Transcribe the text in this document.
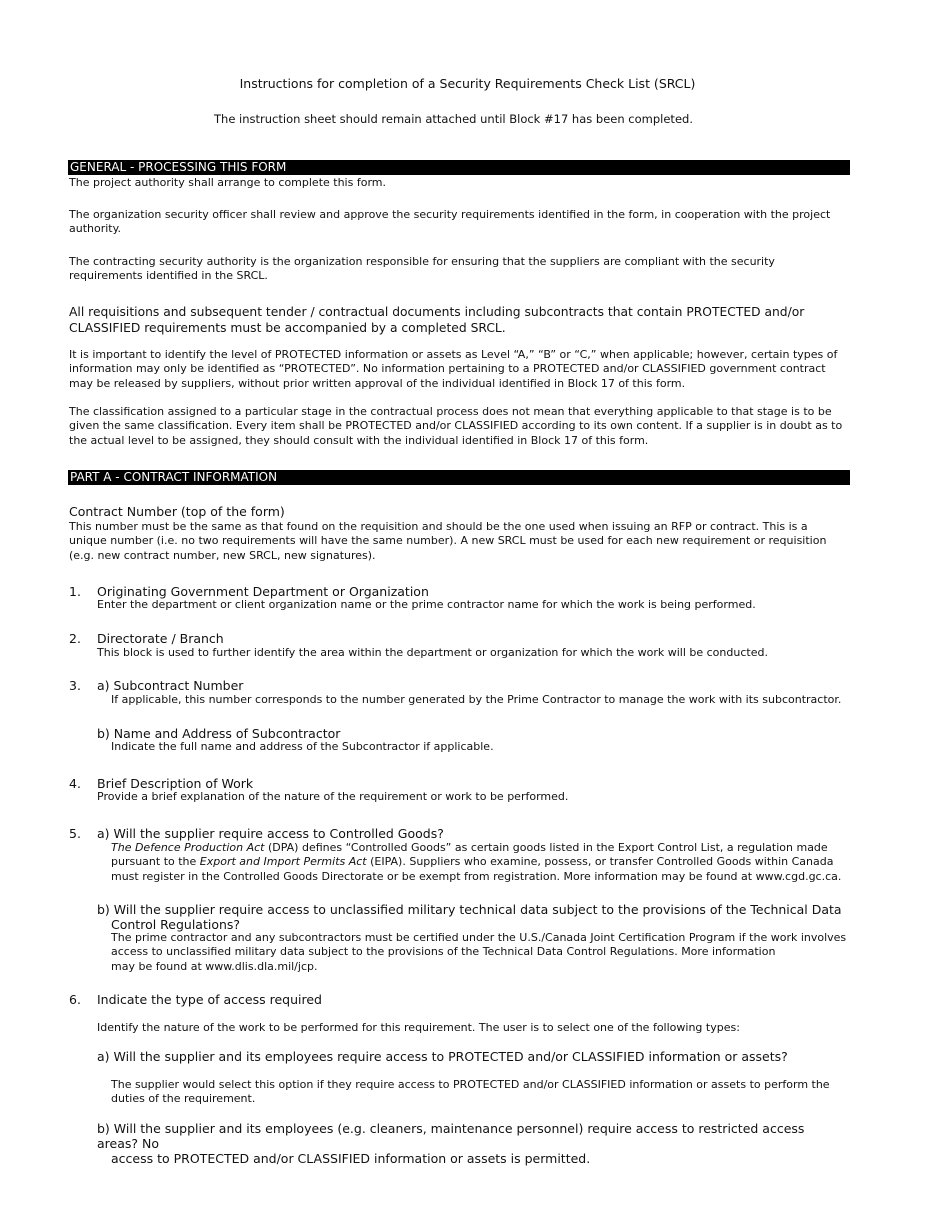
Instructions for completion of a Security Requirements Check List (SRCL)
The instruction sheet should remain attached until Block #17 has been completed.
GENERAL - PROCESSING THIS FORM

The project authority shall arrange to complete this form.

The organization security officer shall review and approve the security requirements identified in the form, in cooperation with the project authority.

The contracting security authority is the organization responsible for ensuring that the suppliers are compliant with the security requirements identified in the SRCL.

All requisitions and subsequent tender / contractual documents including subcontracts that contain PROTECTED and/or CLASSIFIED requirements must be accompanied by a completed SRCL.

It is important to identify the level of PROTECTED information or assets as Level “A,” “B” or “C,” when applicable; however, certain types of information may only be identified as “PROTECTED”. No information pertaining to a PROTECTED and/or CLASSIFIED government contract may be released by suppliers, without prior written approval of the individual identified in Block 17 of this form.

The classification assigned to a particular stage in the contractual process does not mean that everything applicable to that stage is to be given the same classification. Every item shall be PROTECTED and/or CLASSIFIED according to its own content. If a supplier is in doubt as to the actual level to be assigned, they should consult with the individual identified in Block 17 of this form.

PART A - CONTRACT INFORMATION
Contract Number (top of the form)

This number must be the same as that found on the requisition and should be the one used when issuing an RFP or contract. This is a unique number (i.e. no two requirements will have the same number). A new SRCL must be used for each new requirement or requisition (e.g. new contract number, new SRCL, new signatures).

1. Originating Government Department or Organization
Enter the department or client organization name or the prime contractor name for which the work is being performed.
2. Directorate / Branch
This block is used to further identify the area within the department or organization for which the work will be conducted.
3. a) Subcontract Number
If applicable, this number corresponds to the number generated by the Prime Contractor to manage the work with its subcontractor.
b) Name and Address of Subcontractor
Indicate the full name and address of the Subcontractor if applicable.
4. Brief Description of Work
Provide a brief explanation of the nature of the requirement or work to be performed.
5. a) Will the supplier require access to Controlled Goods?
The Defence Production Act (DPA) defines “Controlled Goods” as certain goods listed in the Export Control List, a regulation made pursuant to the Export and Import Permits Act (EIPA). Suppliers who examine, possess, or transfer Controlled Goods within Canada must register in the Controlled Goods Directorate or be exempt from registration. More information may be found at www.cgd.gc.ca.
b) Will the supplier require access to unclassified military technical data subject to the provisions of the Technical Data
Control Regulations?
The prime contractor and any subcontractors must be certified under the U.S./Canada Joint Certification Program if the work involves access to unclassified military data subject to the provisions of the Technical Data Control Regulations. More information
may be found at www.dlis.dla.mil/jcp.
6. Indicate the type of access required
Identify the nature of the work to be performed for this requirement. The user is to select one of the following types:
a) Will the supplier and its employees require access to PROTECTED and/or CLASSIFIED information or assets?
The supplier would select this option if they require access to PROTECTED and/or CLASSIFIED information or assets to perform the duties of the requirement.
b) Will the supplier and its employees (e.g. cleaners, maintenance personnel) require access to restricted access areas? No
access to PROTECTED and/or CLASSIFIED information or assets is permitted.
